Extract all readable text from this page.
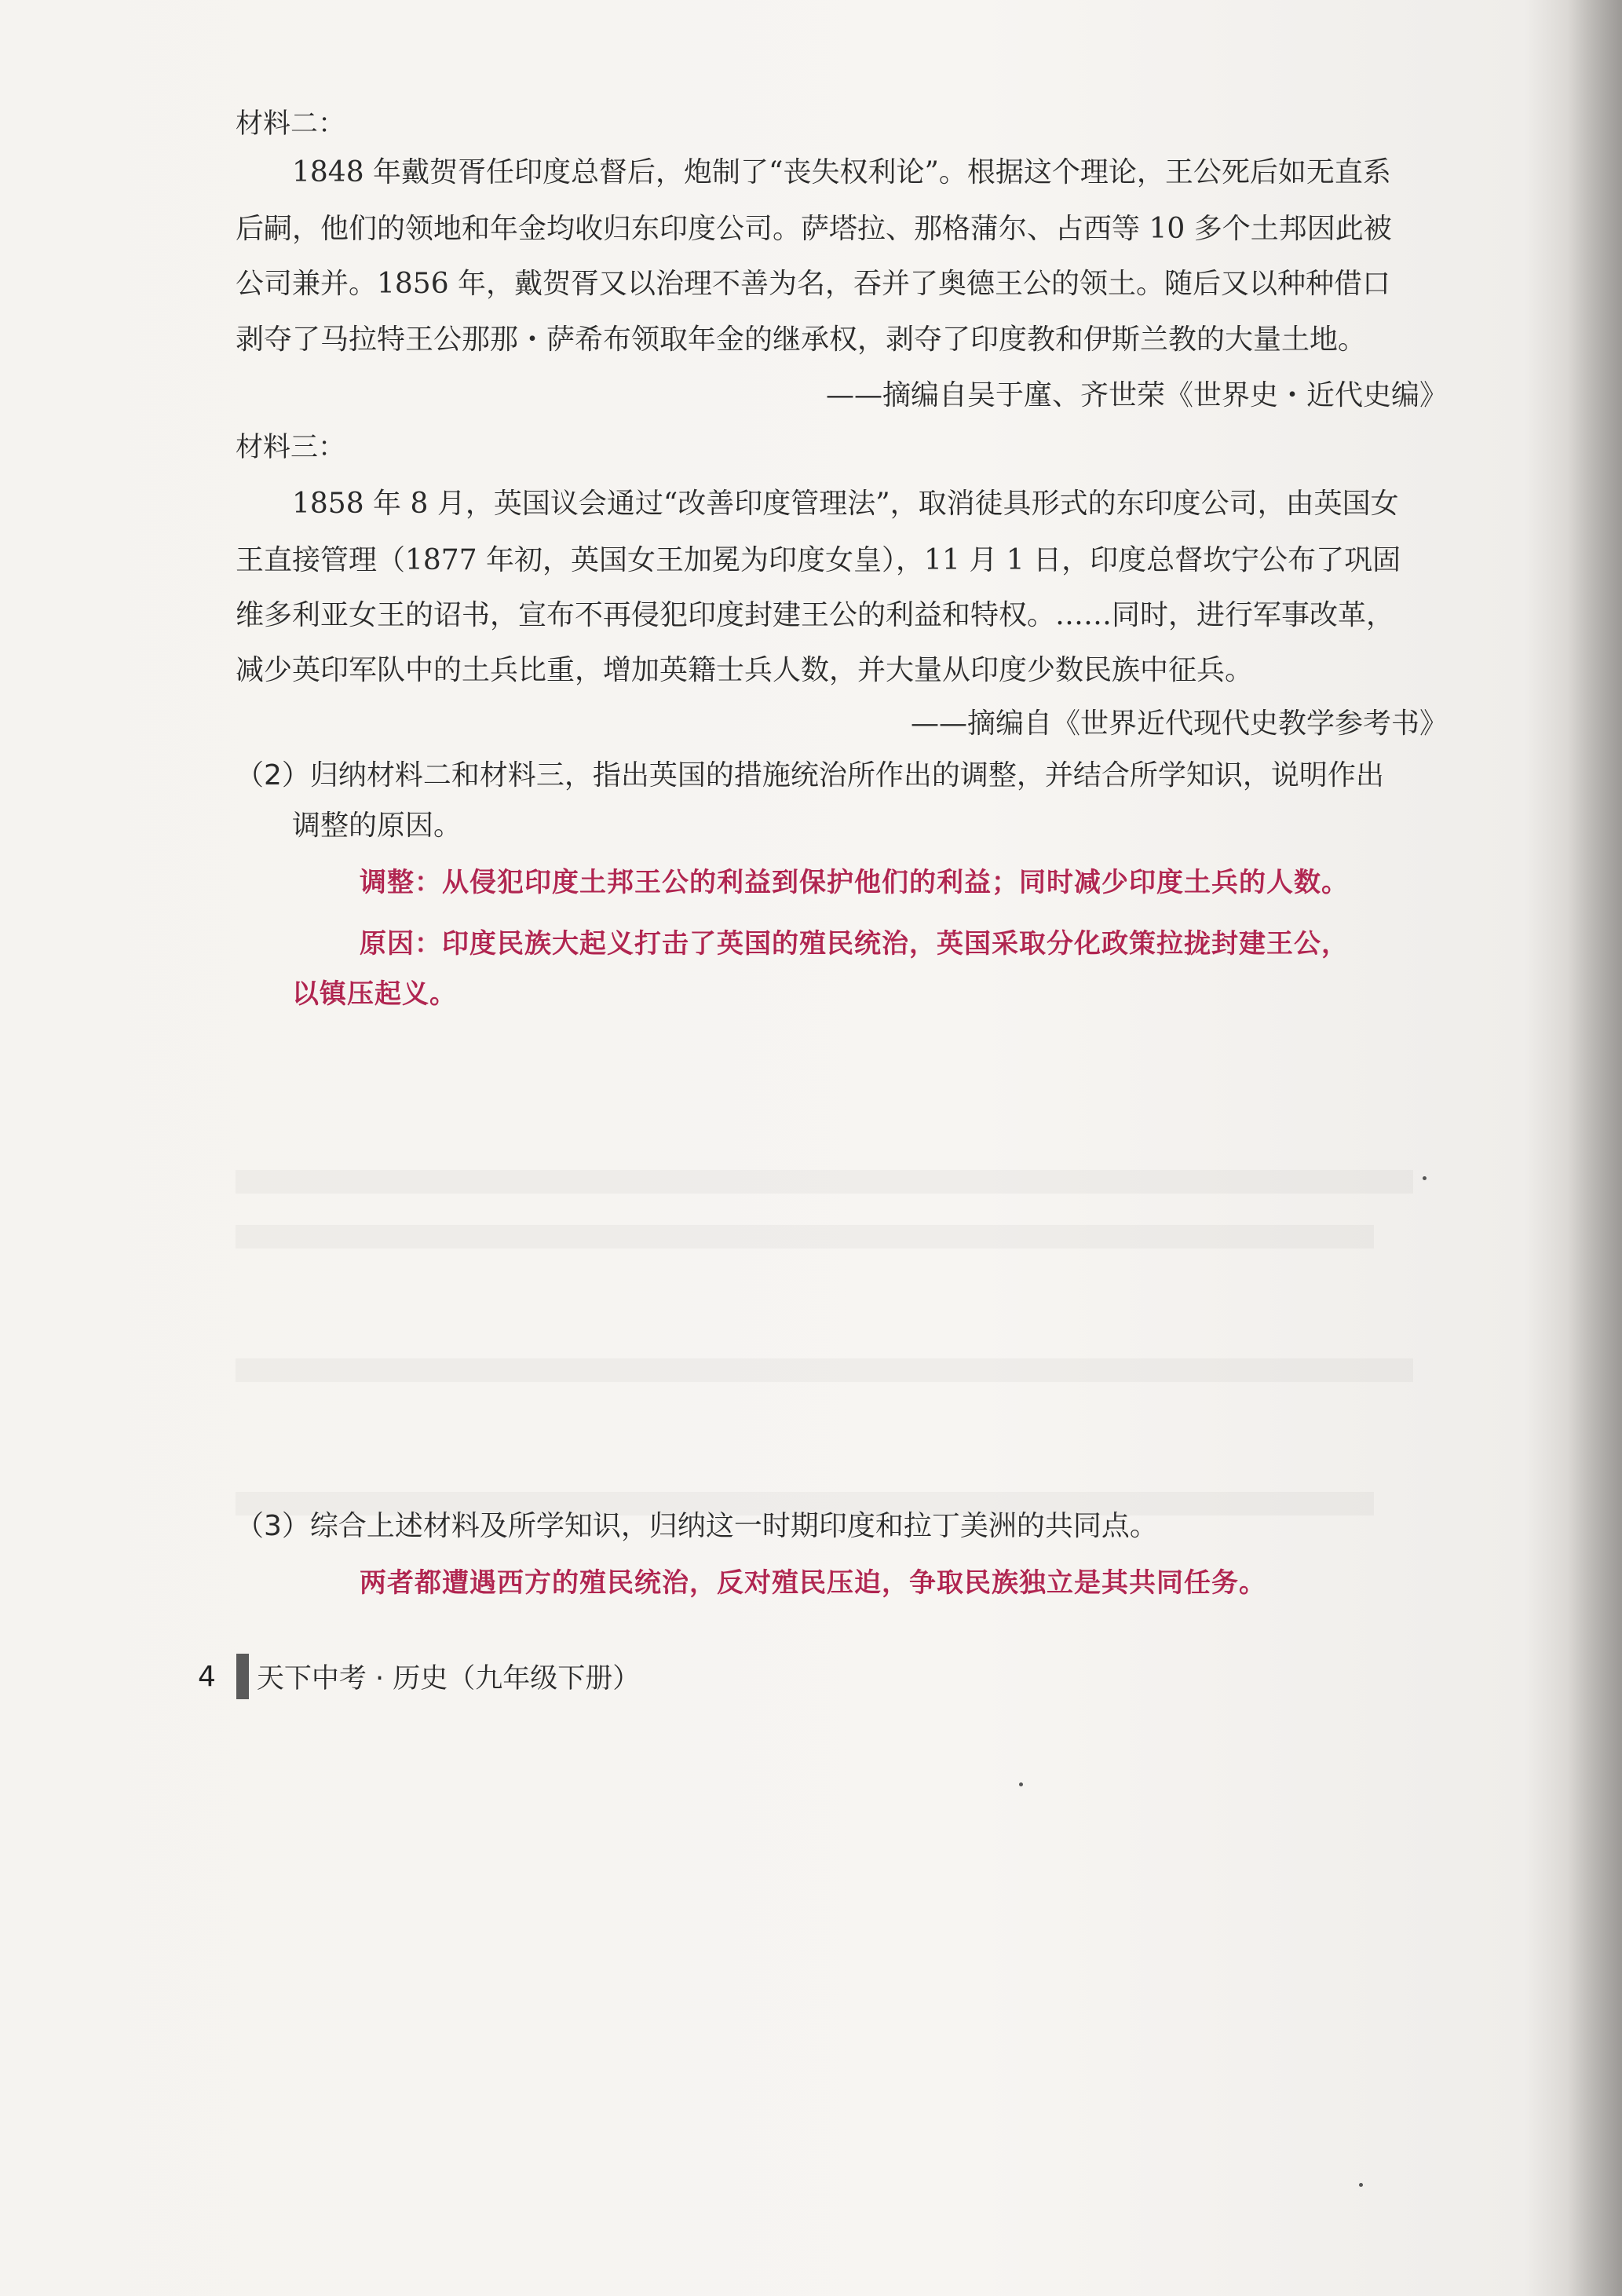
材料二：
1848 年戴贺胥任印度总督后，炮制了“丧失权利论”。根据这个理论，王公死后如无直系
后嗣，他们的领地和年金均收归东印度公司。萨塔拉、那格蒲尔、占西等 10 多个土邦因此被
公司兼并。1856 年，戴贺胥又以治理不善为名，吞并了奥德王公的领土。随后又以种种借口
剥夺了马拉特王公那那・萨希布领取年金的继承权，剥夺了印度教和伊斯兰教的大量土地。
——摘编自吴于廑、齐世荣《世界史・近代史编》
材料三：
1858 年 8 月，英国议会通过“改善印度管理法”，取消徒具形式的东印度公司，由英国女
王直接管理（1877 年初，英国女王加冕为印度女皇），11 月 1 日，印度总督坎宁公布了巩固
维多利亚女王的诏书，宣布不再侵犯印度封建王公的利益和特权。……同时，进行军事改革，
减少英印军队中的土兵比重，增加英籍士兵人数，并大量从印度少数民族中征兵。
——摘编自《世界近代现代史教学参考书》
（2）归纳材料二和材料三，指出英国的措施统治所作出的调整，并结合所学知识，说明作出
调整的原因。
调整：从侵犯印度土邦王公的利益到保护他们的利益；同时减少印度土兵的人数。
原因：印度民族大起义打击了英国的殖民统治，英国采取分化政策拉拢封建王公，
以镇压起义。
（3）综合上述材料及所学知识，归纳这一时期印度和拉丁美洲的共同点。
两者都遭遇西方的殖民统治，反对殖民压迫，争取民族独立是其共同任务。
4 天下中考 · 历史（九年级下册）
